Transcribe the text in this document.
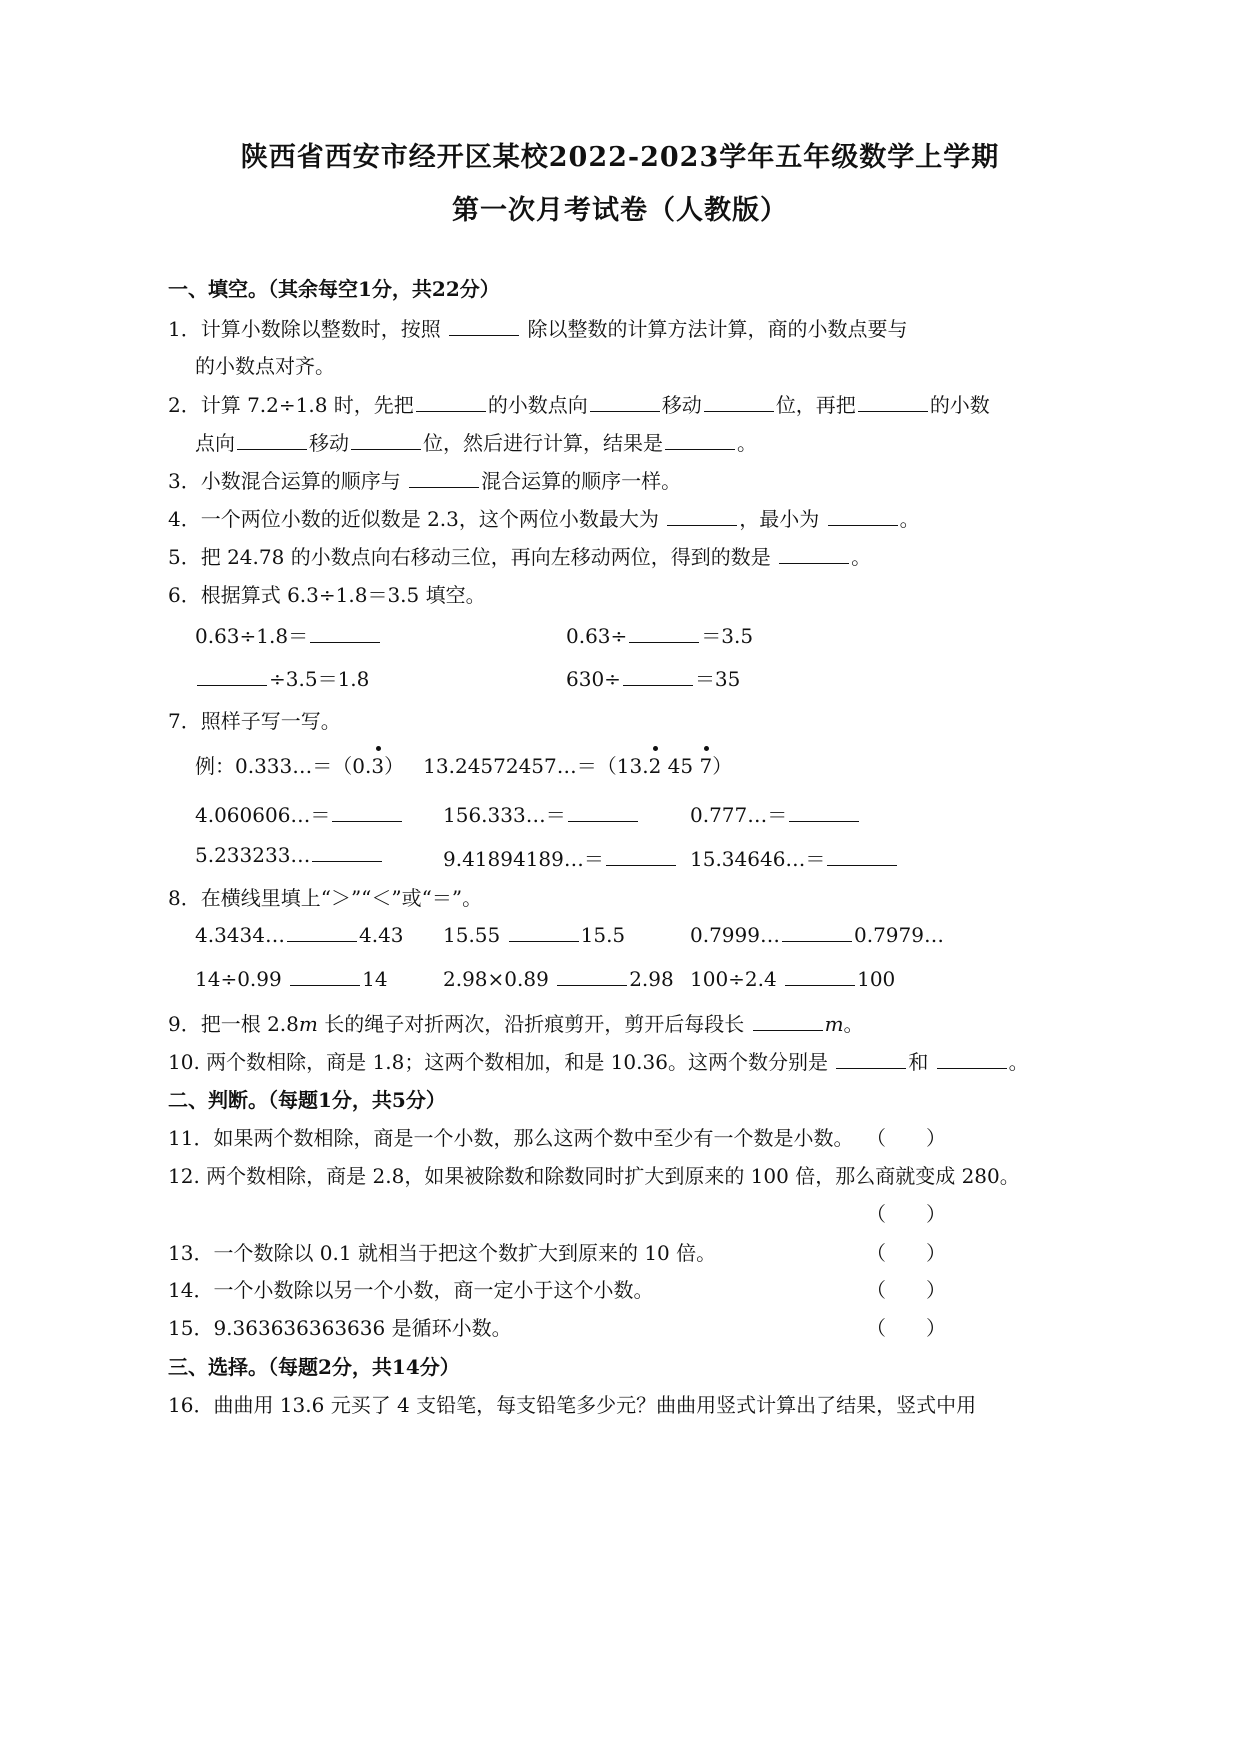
陕西省西安市经开区某校2022-2023学年五年级数学上学期
第一次月考试卷（人教版）
一、填空。（其余每空1分，共22分）
1．计算小数除以整数时，按照	除以整数的计算方法计算，商的小数点要与
的小数点对齐。
2．计算 7.2÷1.8 时，先把	的小数点向	移动	位，再把	的小数
点向	移动	位，然后进行计算，结果是	。
3．小数混合运算的顺序与	混合运算的顺序一样。
4．一个两位小数的近似数是 2.3，这个两位小数最大为	，最小为	。
5．把 24.78 的小数点向右移动三位，再向左移动两位，得到的数是	。
6．根据算式 6.3÷1.8＝3.5 填空。
0.63÷1.8＝	0.63÷	＝3.5
÷3.5＝1.8	630÷	＝35
7．照样子写一写。
例：0.333…＝（0.
3） 13.24572457…＝（13.
2 45 7）
4.060606…＝	156.333…＝	0.777…＝
5.233233…	9.41894189…＝	15.34646…＝
8．在横线里填上“＞”“＜”或“＝”。
4.3434…	4.43 15.55	15.5	0.7999…	0.7979…
14÷0.99	14	2.98×0.89	2.98 100÷2.4	100
9．把一根 2.8m 长的绳子对折两次，沿折痕剪开，剪开后每段长	m。
10. 两个数相除，商是 1.8；这两个数相加，和是 10.36。这两个数分别是	和	。
二、判断。（每题1分，共5分）
11．如果两个数相除，商是一个小数，那么这两个数中至少有一个数是小数。 （　　）
12. 两个数相除，商是 2.8，如果被除数和除数同时扩大到原来的 100 倍，那么商就变成 280。
（　　）
13．一个数除以 0.1 就相当于把这个数扩大到原来的 10 倍。	（　　）
14．一个小数除以另一个小数，商一定小于这个小数。	（　　）
15．9.363636363636 是循环小数。	（　　）
三、选择。（每题2分，共14分）
16．曲曲用 13.6 元买了 4 支铅笔，每支铅笔多少元？曲曲用竖式计算出了结果，竖式中用
